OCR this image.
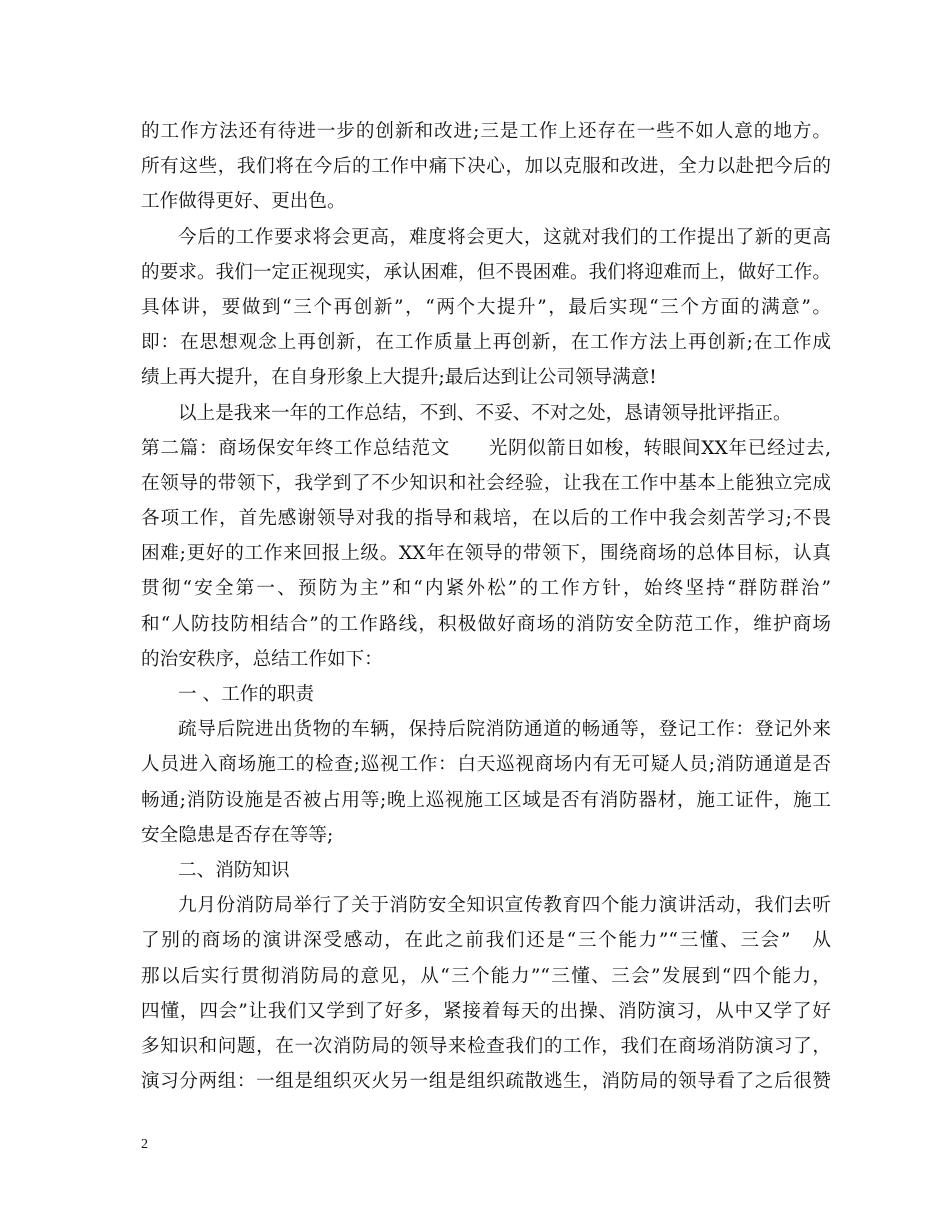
的工作方法还有待进一步的创新和改进;三是工作上还存在一些不如人意的地方。
所有这些，我们将在今后的工作中痛下决心，加以克服和改进，全力以赴把今后的
工作做得更好、更出色。
今后的工作要求将会更高，难度将会更大，这就对我们的工作提出了新的更高
的要求。我们一定正视现实，承认困难，但不畏困难。我们将迎难而上，做好工作。
具体讲，要做到“三个再创新”，“两个大提升”，最后实现“三个方面的满意”。
即：在思想观念上再创新，在工作质量上再创新，在工作方法上再创新;在工作成
绩上再大提升，在自身形象上大提升;最后达到让公司领导满意!
以上是我来一年的工作总结，不到、不妥、不对之处，恳请领导批评指正。
第二篇：商场保安年终工作总结范文　　光阴似箭日如梭，转眼间XX年已经过去,
在领导的带领下，我学到了不少知识和社会经验，让我在工作中基本上能独立完成
各项工作，首先感谢领导对我的指导和栽培，在以后的工作中我会刻苦学习;不畏
困难;更好的工作来回报上级。XX年在领导的带领下，围绕商场的总体目标，认真
贯彻“安全第一、预防为主”和“内紧外松”的工作方针，始终坚持“群防群治”
和“人防技防相结合”的工作路线，积极做好商场的消防安全防范工作，维护商场
的治安秩序，总结工作如下：
一 、工作的职责
疏导后院进出货物的车辆，保持后院消防通道的畅通等，登记工作：登记外来
人员进入商场施工的检查;巡视工作：白天巡视商场内有无可疑人员;消防通道是否
畅通;消防设施是否被占用等;晚上巡视施工区域是否有消防器材，施工证件，施工
安全隐患是否存在等等;
二、消防知识
九月份消防局举行了关于消防安全知识宣传教育四个能力演讲活动，我们去听
了别的商场的演讲深受感动，在此之前我们还是“三个能力”“三懂、三会”　从
那以后实行贯彻消防局的意见，从“三个能力”“三懂、三会”发展到“四个能力，
四懂，四会”让我们又学到了好多，紧接着每天的出操、消防演习，从中又学了好
多知识和问题，在一次消防局的领导来检查我们的工作，我们在商场消防演习了，
演习分两组：一组是组织灭火另一组是组织疏散逃生，消防局的领导看了之后很赞
2
